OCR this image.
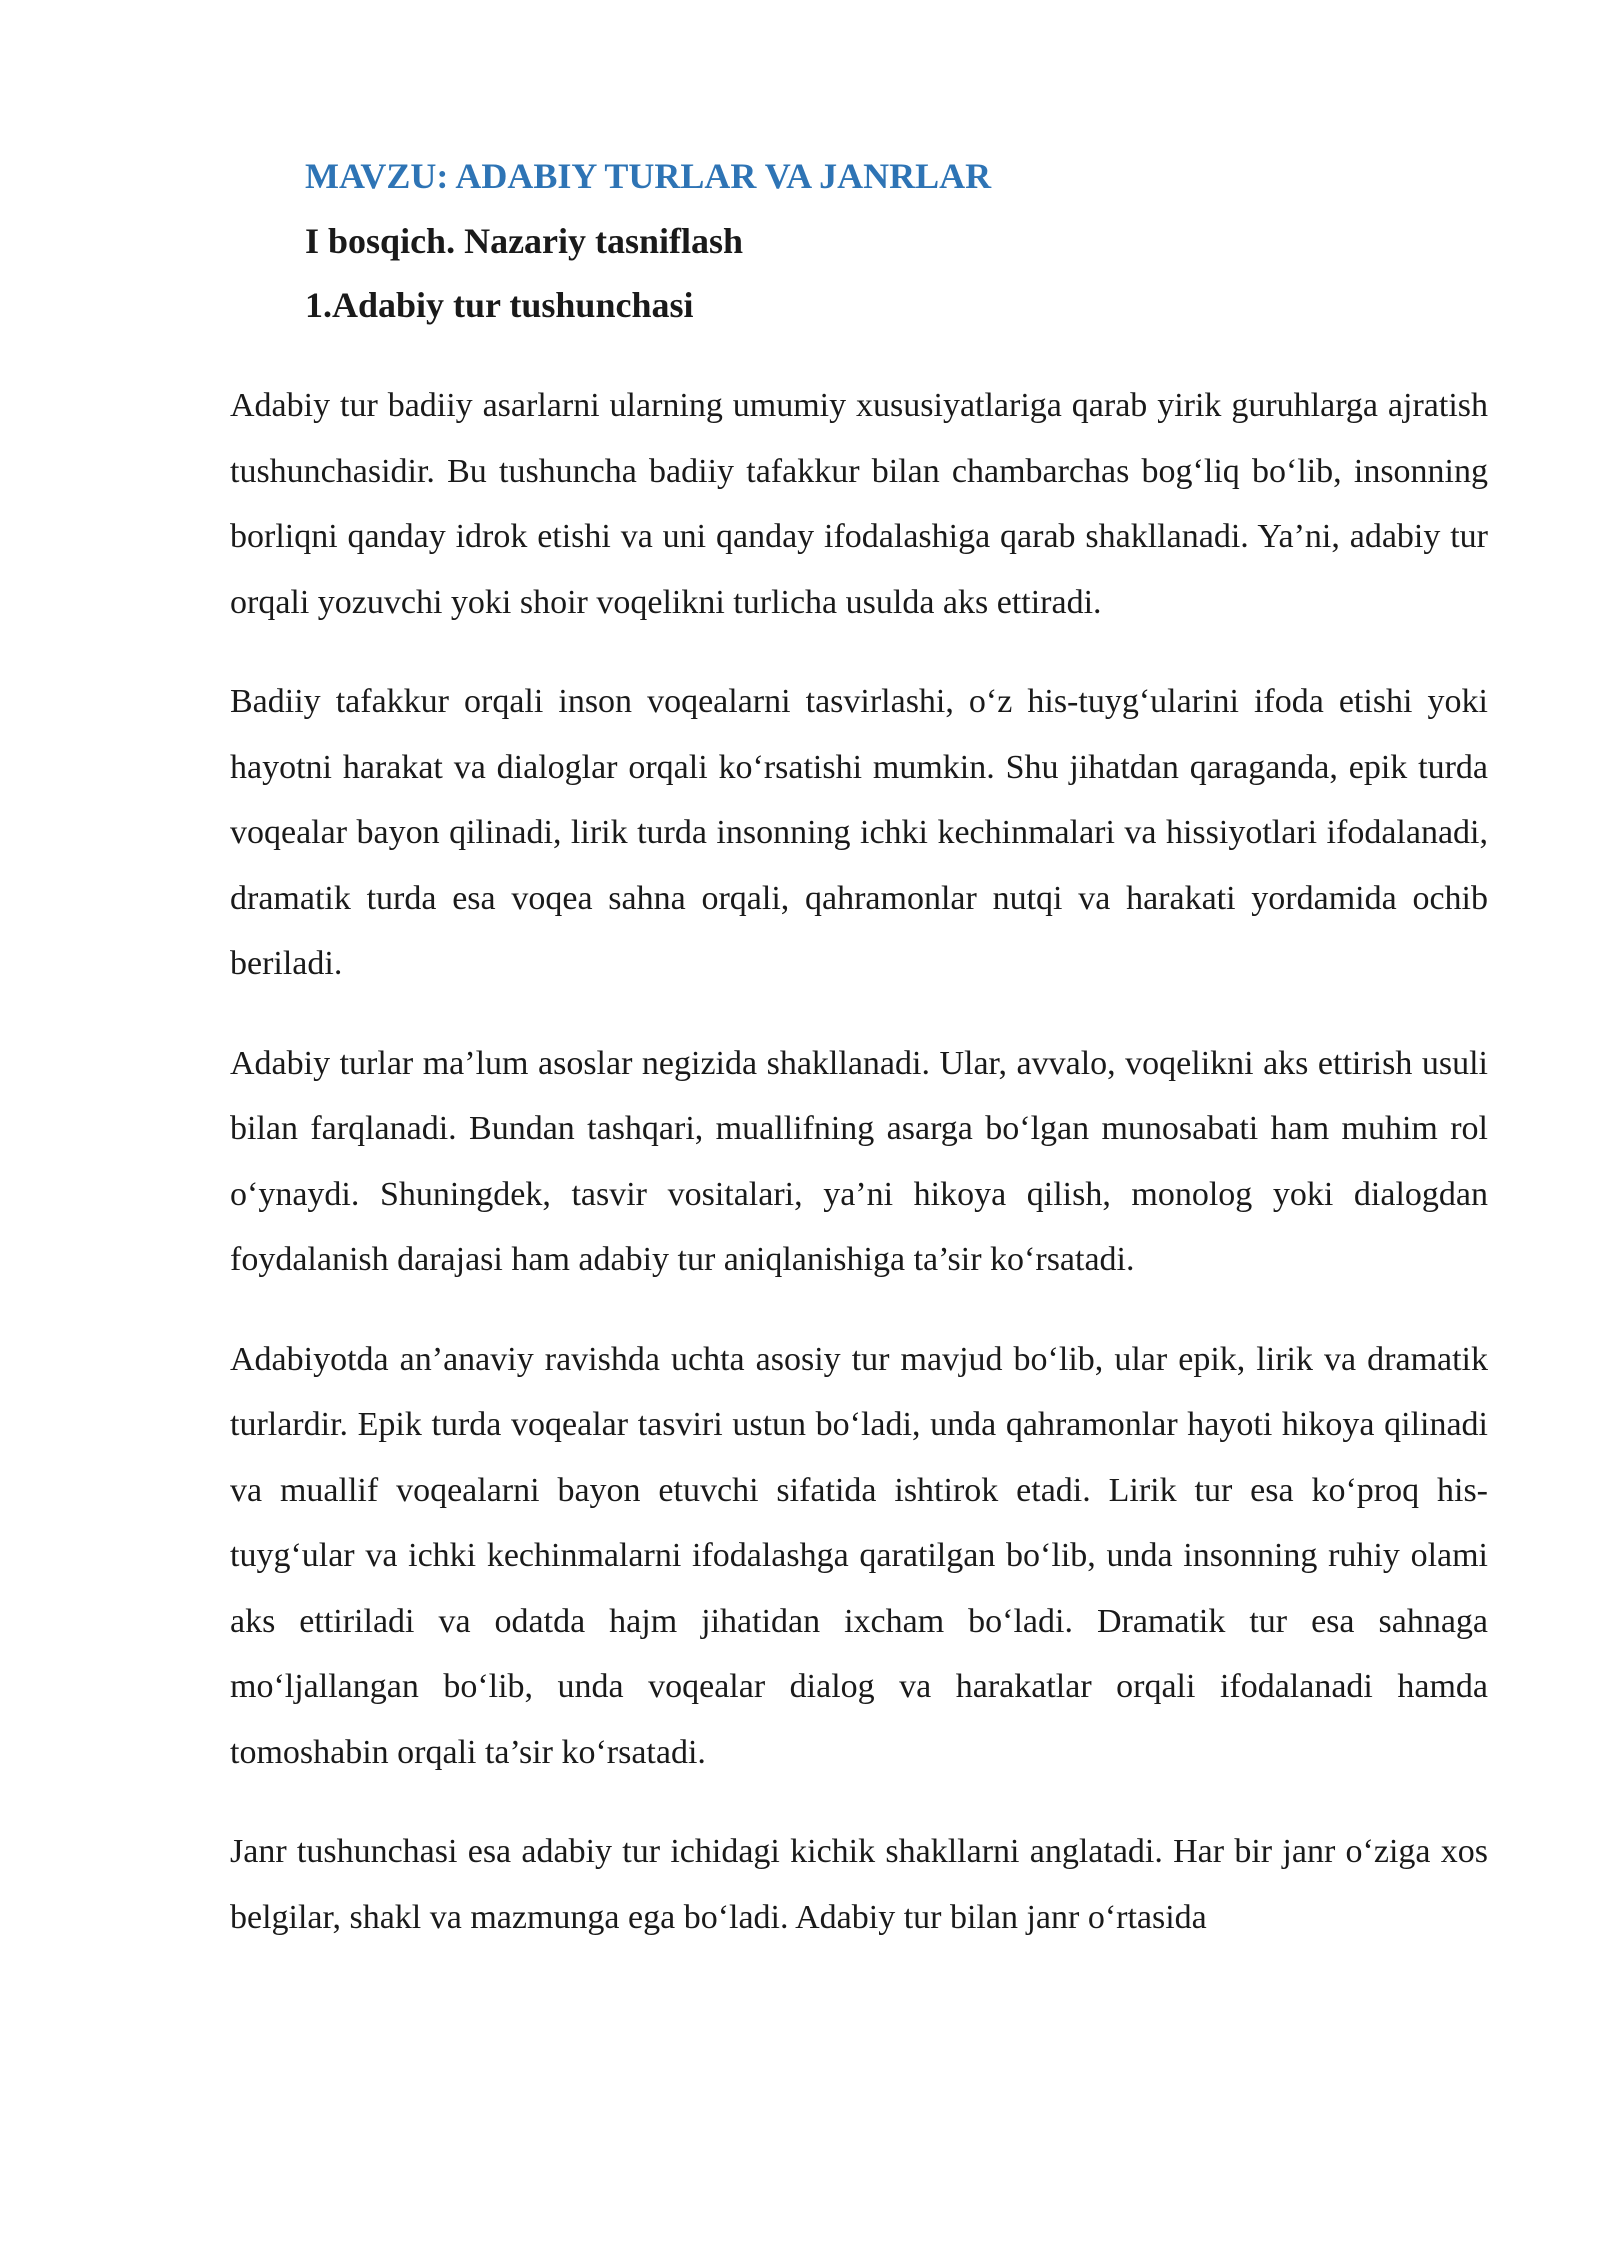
MAVZU: ADABIY TURLAR VA JANRLAR
I bosqich. Nazariy tasniflash
1.Adabiy tur tushunchasi

Adabiy tur badiiy asarlarni ularning umumiy xususiyatlariga qarab yirik guruhlarga ajratish tushunchasidir. Bu tushuncha badiiy tafakkur bilan chambarchas bog‘liq bo‘lib, insonning borliqni qanday idrok etishi va uni qanday ifodalashiga qarab shakllanadi. Ya’ni, adabiy tur orqali yozuvchi yoki shoir voqelikni turlicha usulda aks ettiradi.

Badiiy tafakkur orqali inson voqealarni tasvirlashi, o‘z his-tuyg‘ularini ifoda etishi yoki hayotni harakat va dialoglar orqali ko‘rsatishi mumkin. Shu jihatdan qaraganda, epik turda voqealar bayon qilinadi, lirik turda insonning ichki kechinmalari va hissiyotlari ifodalanadi, dramatik turda esa voqea sahna orqali, qahramonlar nutqi va harakati yordamida ochib beriladi.

Adabiy turlar ma’lum asoslar negizida shakllanadi. Ular, avvalo, voqelikni aks ettirish usuli bilan farqlanadi. Bundan tashqari, muallifning asarga bo‘lgan munosabati ham muhim rol o‘ynaydi. Shuningdek, tasvir vositalari, ya’ni hikoya qilish, monolog yoki dialogdan foydalanish darajasi ham adabiy tur aniqlanishiga ta’sir ko‘rsatadi.

Adabiyotda an’anaviy ravishda uchta asosiy tur mavjud bo‘lib, ular epik, lirik va dramatik turlardir. Epik turda voqealar tasviri ustun bo‘ladi, unda qahramonlar hayoti hikoya qilinadi va muallif voqealarni bayon etuvchi sifatida ishtirok etadi. Lirik tur esa ko‘proq his-tuyg‘ular va ichki kechinmalarni ifodalashga qaratilgan bo‘lib, unda insonning ruhiy olami aks ettiriladi va odatda hajm jihatidan ixcham bo‘ladi. Dramatik tur esa sahnaga mo‘ljallangan bo‘lib, unda voqealar dialog va harakatlar orqali ifodalanadi hamda tomoshabin orqali ta’sir ko‘rsatadi.

Janr tushunchasi esa adabiy tur ichidagi kichik shakllarni anglatadi. Har bir janr o‘ziga xos belgilar, shakl va mazmunga ega bo‘ladi. Adabiy tur bilan janr o‘rtasida
